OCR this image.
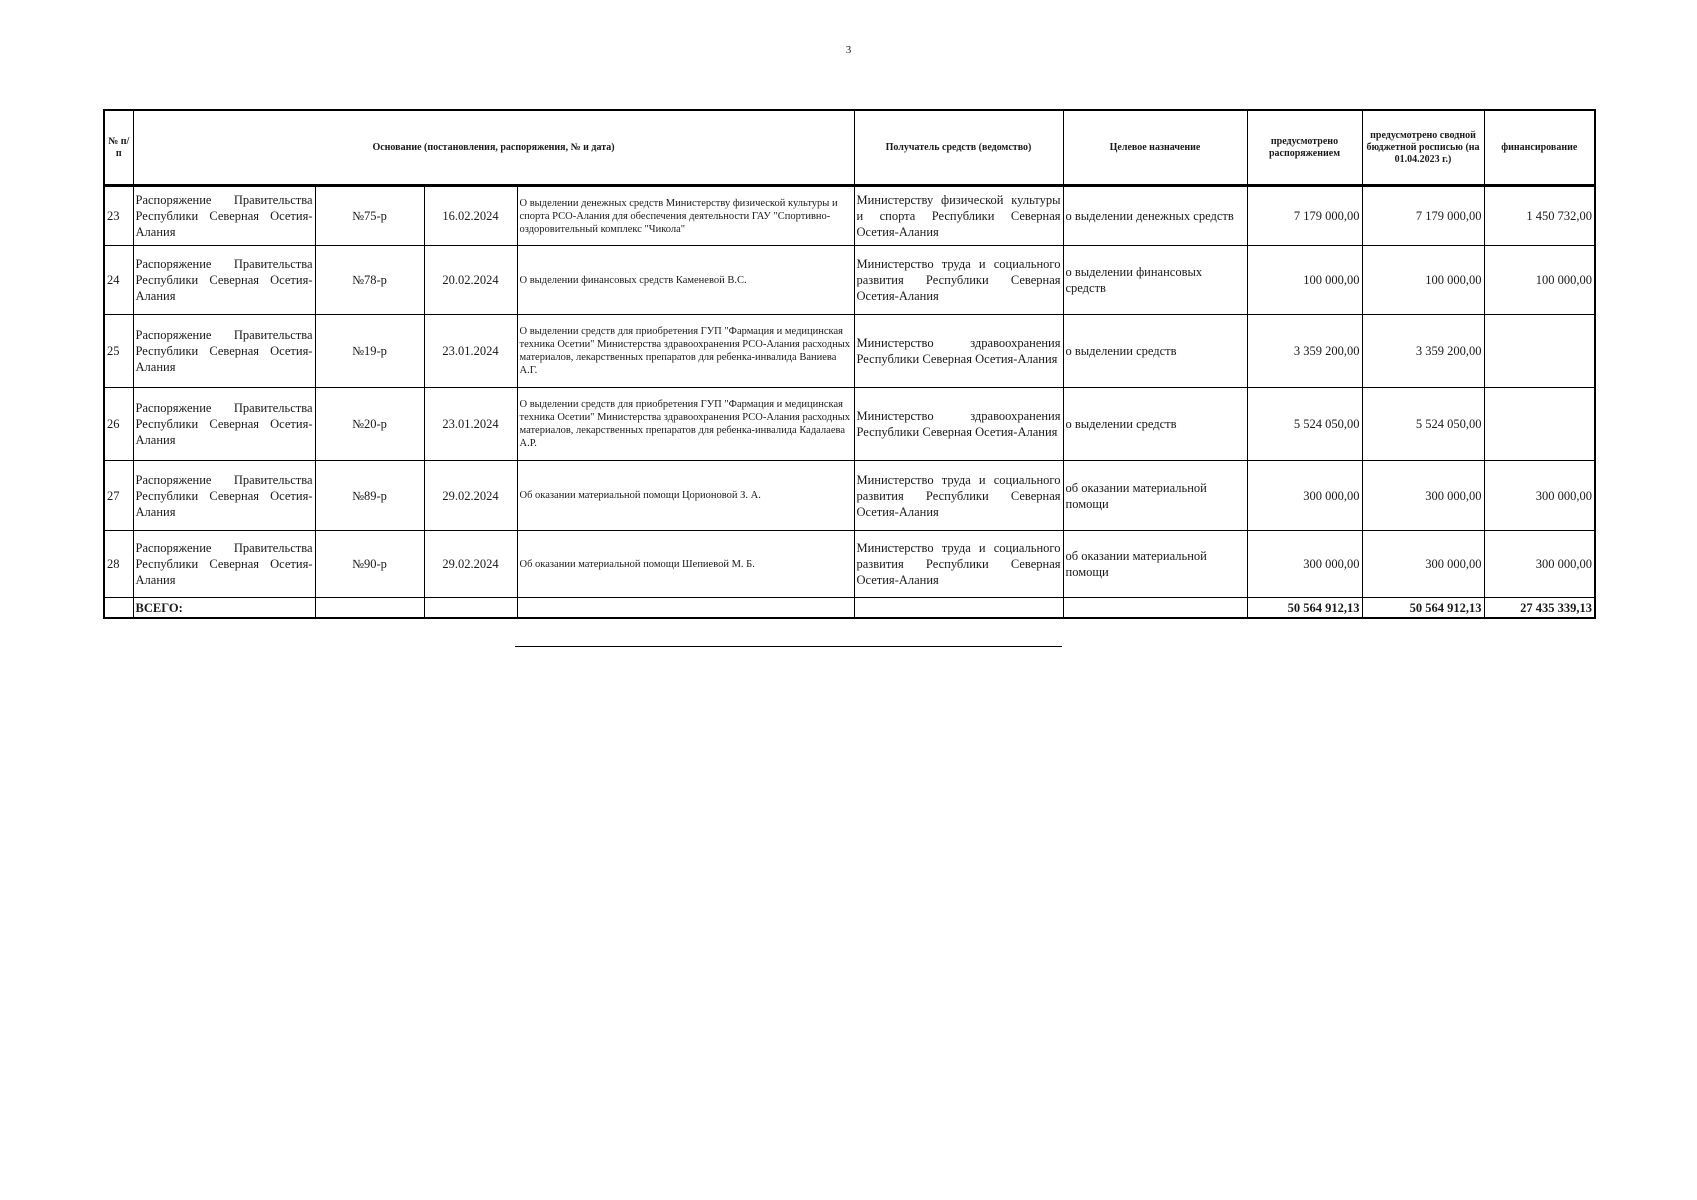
3
№ п/п	Основание (постановления, распоряжения, № и дата)				Получатель средств (ведомство)	Целевое назначение	предусмотрено распоряжением	предусмотрено сводной бюджетной росписью (на 01.04.2023 г.)	финансирование
23	Распоряжение Правительства Республики Северная Осетия-Алания	№75-р	16.02.2024	О выделении денежных средств Министерству физической культуры и спорта РСО-Алания для обеспечения деятельности ГАУ "Спортивно-оздоровительный комплекс "Чикола"	Министерству физической культуры и спорта Республики Северная Осетия-Алания	о выделении денежных средств	7 179 000,00	7 179 000,00	1 450 732,00
24	Распоряжение Правительства Республики Северная Осетия-Алания	№78-р	20.02.2024	О выделении финансовых средств Каменевой В.С.	Министерство труда и социального развития Республики Северная Осетия-Алания	о выделении финансовых средств	100 000,00	100 000,00	100 000,00
25	Распоряжение Правительства Республики Северная Осетия-Алания	№19-р	23.01.2024	О выделении средств для приобретения ГУП "Фармация и медицинская техника Осетии" Министерства здравоохранения РСО-Алания расходных материалов, лекарственных препаратов для ребенка-инвалида Ваниева А.Г.	Министерство здравоохранения Республики Северная Осетия-Алания	о выделении средств	3 359 200,00	3 359 200,00	
26	Распоряжение Правительства Республики Северная Осетия-Алания	№20-р	23.01.2024	О выделении средств для приобретения ГУП "Фармация и медицинская техника Осетии" Министерства здравоохранения РСО-Алания расходных материалов, лекарственных препаратов для ребенка-инвалида Кадалаева А.Р.	Министерство здравоохранения Республики Северная Осетия-Алания	о выделении средств	5 524 050,00	5 524 050,00	
27	Распоряжение Правительства Республики Северная Осетия-Алания	№89-р	29.02.2024	Об оказании материальной помощи Цорионовой З. А.	Министерство труда и социального развития Республики Северная Осетия-Алания	об оказании материальной помощи	300 000,00	300 000,00	300 000,00
28	Распоряжение Правительства Республики Северная Осетия-Алания	№90-р	29.02.2024	Об оказании материальной помощи Шепиевой М. Б.	Министерство труда и социального развития Республики Северная Осетия-Алания	об оказании материальной помощи	300 000,00	300 000,00	300 000,00
	ВСЕГО:						50 564 912,13	50 564 912,13	27 435 339,13
